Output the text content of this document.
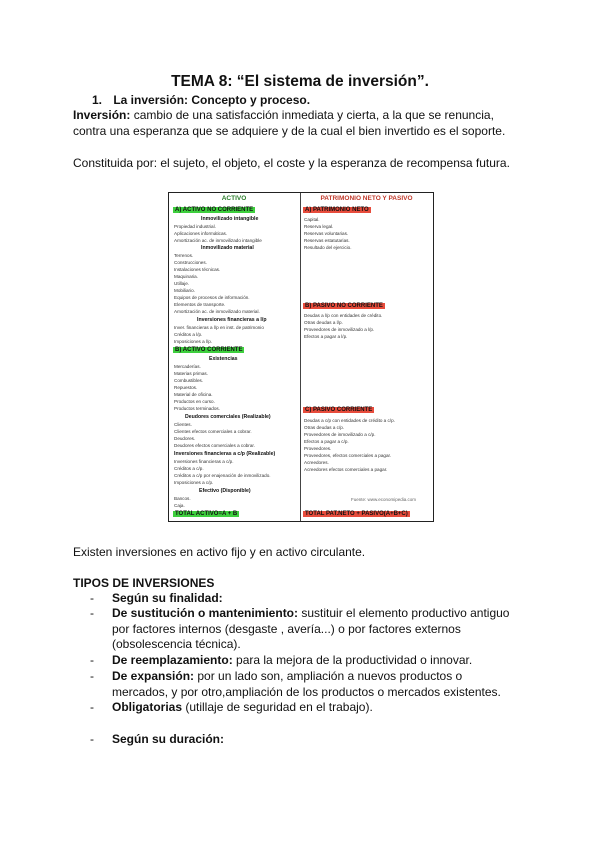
TEMA 8: “El sistema de inversión”.
1. La inversión: Concepto y proceso.
Inversión: cambio de una satisfacción inmediata y cierta, a la que se renuncia,
contra una esperanza que se adquiere y de la cual el bien invertido es el soporte.
Constituida por: el sujeto, el objeto, el coste y la esperanza de recompensa futura.
ACTIVO
A) ACTIVO NO CORRIENTE
Inmovilizado intangible
Propiedad industrial.
Aplicaciones informáticas.
Amortización ac. de inmovilizado intangible
Inmovilizado material
Terrenos.
Construcciones.
Instalaciones técnicas.
Maquinaria.
Utillaje.
Mobiliario.
Equipos de procesos de información.
Elementos de transporte.
Amortización ac. de inmovilizado material.
Inversiones financieras a l/p
Inver. financieras a l/p en inst. de patrimonio
Créditos a l/p.
Imposiciones a l/p.
B) ACTIVO CORRIENTE
Existencias
Mercaderías.
Materias primas.
Combustibles.
Repuestos.
Material de oficina.
Productos en curso.
Productos terminados.
Deudores comerciales (Realizable)
Clientes.
Clientes efectos comerciales a cobrar.
Deudores.
Deudores efectos comerciales a cobrar.
Inversiones financieras a c/p (Realizable)
Inversiones financieras a c/p.
Créditos a c/p.
Créditos a c/p por enajenación de inmovilizado.
Imposiciones a c/p.
Efectivo (Disponible)
Bancos.
Caja.
TOTAL ACTIVO=A + B
PATRIMONIO NETO Y PASIVO
A) PATRIMONIO NETO
Capital.
Reserva legal.
Reservas voluntarias.
Reservas estatutarias.
Resultado del ejercicio.
B) PASIVO NO CORRIENTE
Deudas a l/p con entidades de crédito.
Otras deudas a l/p.
Proveedores de inmovilizado a l/p.
Efectos a pagar a l/p.
C) PASIVO CORRIENTE
Deudas a c/p con entidades de crédito a c/p.
Otras deudas a c/p.
Proveedores de inmovilizado a c/p.
Efectos a pagar a c/p.
Proveedores.
Proveedores, efectos comerciales a pagar.
Acreedores.
Acreedores efectos comerciales a pagar.
Fuente: www.economipedia.com
TOTAL PAT.NETO + PASIVO(A+B+C)
Existen inversiones en activo fijo y en activo circulante.
TIPOS DE INVERSIONES
- Según su finalidad:
- De sustitución o mantenimiento: sustituir el elemento productivo antiguo
por factores internos (desgaste , avería...) o por factores externos
(obsolescencia técnica).
- De reemplazamiento: para la mejora de la productividad o innovar.
- De expansión: por un lado son, ampliación a nuevos productos o
mercados, y por otro,ampliación de los productos o mercados existentes.
- Obligatorias (utillaje de seguridad en el trabajo).
- Según su duración:
